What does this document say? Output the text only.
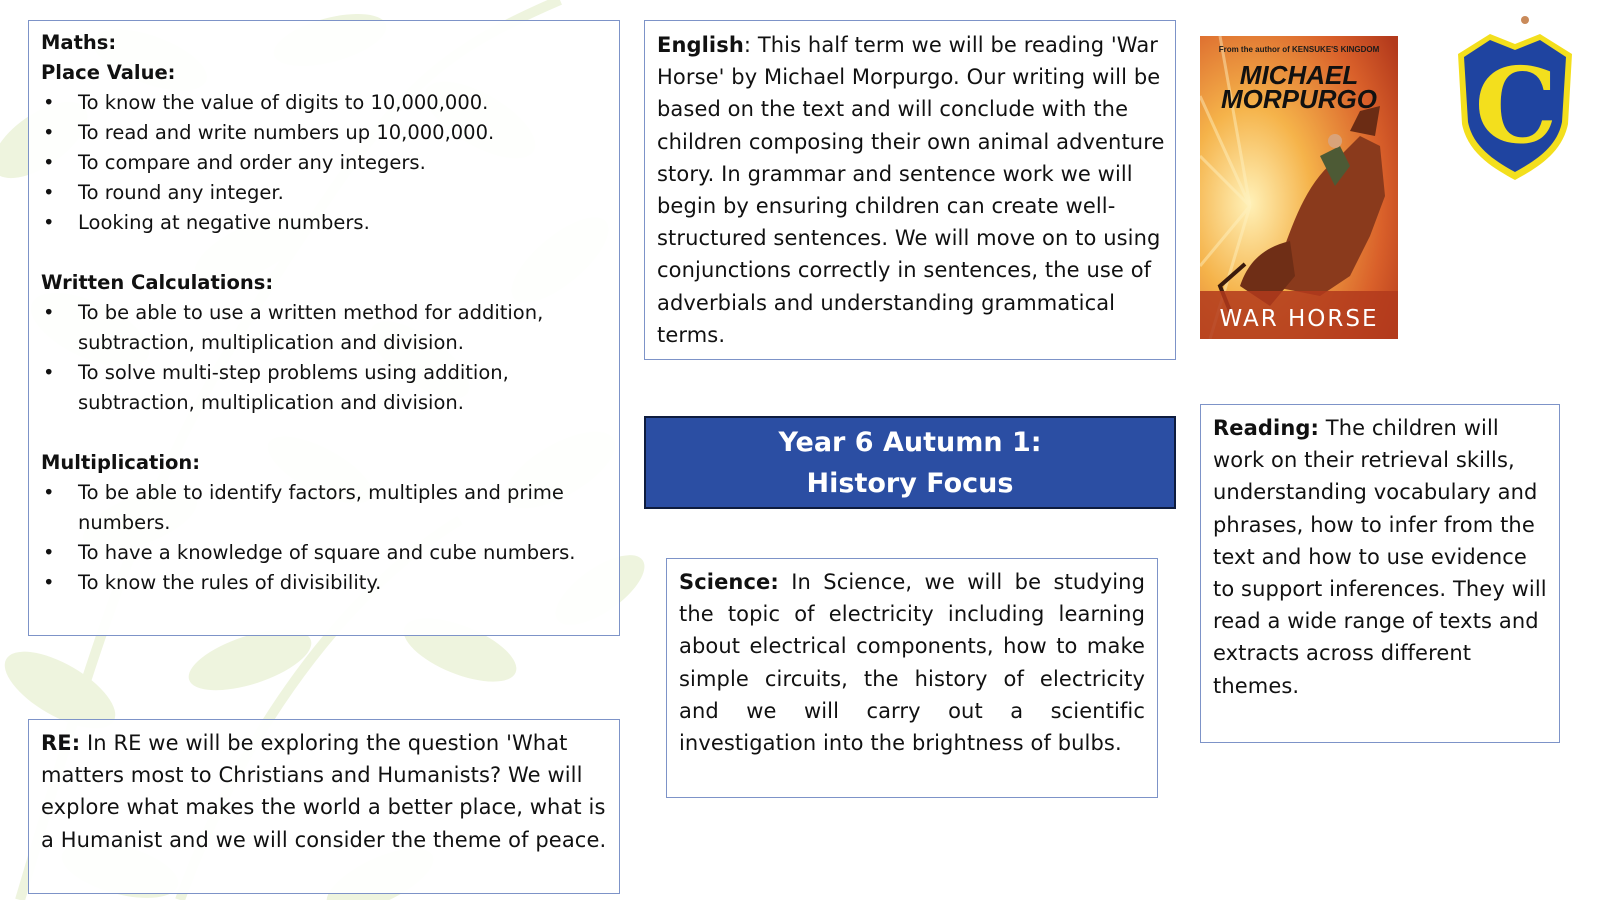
Maths:
Place Value:
• To know the value of digits to 10,000,000.
• To read and write numbers up 10,000,000.
• To compare and order any integers.
• To round any integer.
• Looking at negative numbers.
Written Calculations:
• To be able to use a written method for addition, subtraction, multiplication and division.
• To solve multi-step problems using addition, subtraction, multiplication and division.
Multiplication:
• To be able to identify factors, multiples and prime numbers.
• To have a knowledge of square and cube numbers.
• To know the rules of divisibility.
English: This half term we will be reading 'War Horse' by Michael Morpurgo. Our writing will be based on the text and will conclude with the children composing their own animal adventure story. In grammar and sentence work we will begin by ensuring children can create well-structured sentences. We will move on to using conjunctions correctly in sentences, the use of adverbials and understanding grammatical terms.
From the author of KENSUKE'S KINGDOM
MICHAEL
MORPURGO
WAR HORSE
C
Year 6 Autumn 1:
History Focus
Reading: The children will work on their retrieval skills, understanding vocabulary and phrases, how to infer from the text and how to use evidence to support inferences. They will read a wide range of texts and extracts across different themes.
Science: In Science, we will be studying the topic of electricity including learning about electrical components, how to make simple circuits, the history of electricity and we will carry out a scientific investigation into the brightness of bulbs.
RE: In RE we will be exploring the question 'What matters most to Christians and Humanists? We will explore what makes the world a better place, what is a Humanist and we will consider the theme of peace.
